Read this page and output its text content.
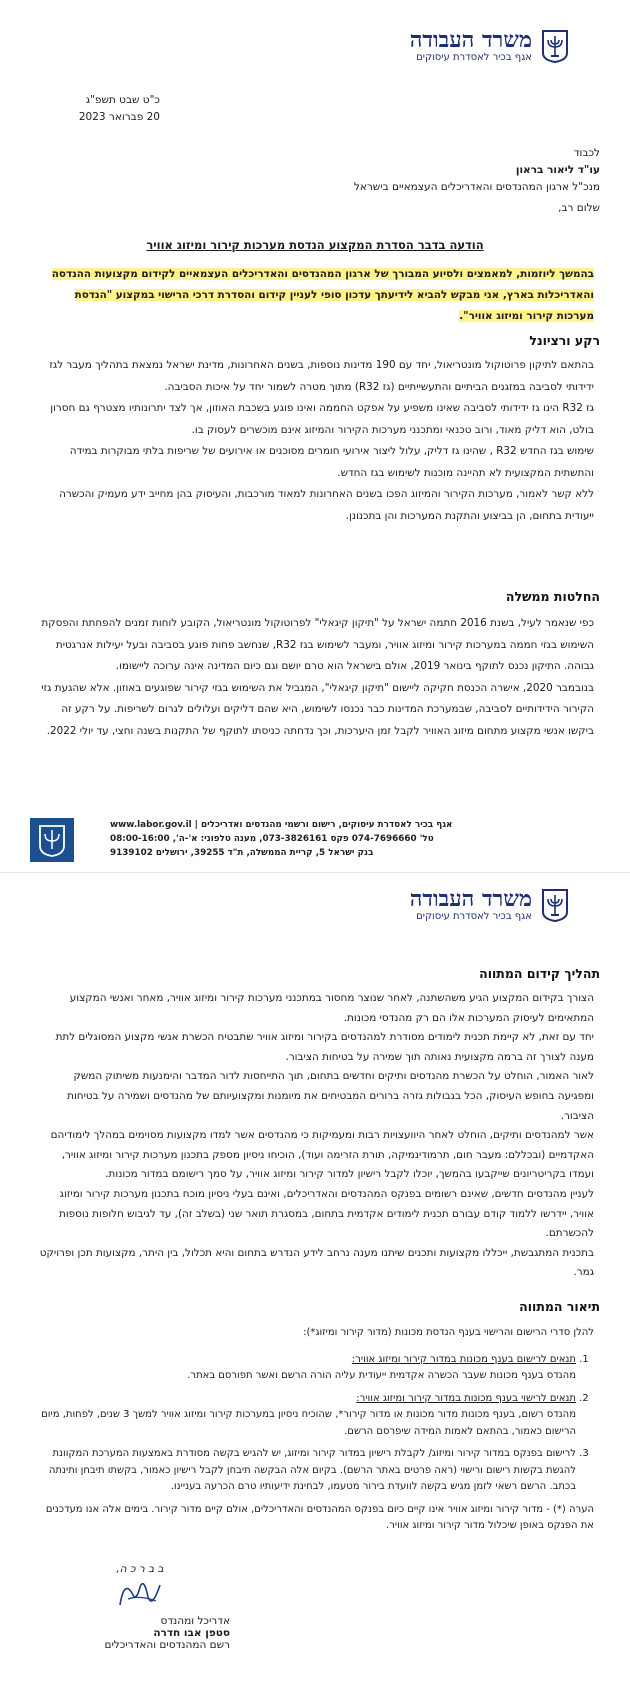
משרד העבודה
אגף בכיר לאסדרת עיסוקים
כ"ט שבט תשפ"ג
20 פברואר 2023
לכבוד
עו"ד ליאור בראון
מנכ"ל ארגון המהנדסים והאדריכלים העצמאיים בישראל
שלום רב,
הודעה בדבר הסדרת המקצוע הנדסת מערכות קירור ומיזוג אוויר
בהמשך ליוזמות, למאמצים ולסיוע המבורך של ארגון המהנדסים והאדריכלים העצמאיים לקידום מקצועות ההנדסה והאדריכלות בארץ, אני מבקש להביא לידיעתך עדכון סופי לעניין קידום והסדרת דרכי הרישוי במקצוע "הנדסת מערכות קירור ומיזוג אוויר".
רקע ורציונל
בהתאם לתיקון פרוטוקול מונטריאול, יחד עם 190 מדינות נוספות, בשנים האחרונות, מדינת ישראל נמצאת בתהליך מעבר לגז ידידותי לסביבה במזגנים הביתיים והתעשייתיים (גז R32) מתוך מטרה לשמור יחד על איכות הסביבה.
גז R32 הינו גז ידידותי לסביבה שאינו משפיע על אפקט החממה ואינו פוגע בשכבת האוזון, אך לצד יתרונותיו מצטרף גם חסרון בולט, הוא דליק מאוד, ורוב טכנאי ומתכנני מערכות הקירור והמיזוג אינם מוכשרים לעסוק בו.
שימוש בגז החדש R32 , שהינו גז דליק, עלול ליצור אירועי חומרים מסוכנים או אירועים של שריפות בלתי מבוקרות במידה והתשתית המקצועית לא תהיינה מוכנות לשימוש בגז החדש.
ללא קשר לאמור, מערכות הקירור והמיזוג הפכו בשנים האחרונות למאוד מורכבות, והעיסוק בהן מחייב ידע מעמיק והכשרה ייעודית בתחום, הן בביצוע והתקנת המערכות והן בתכנונן.
החלטות ממשלה
כפי שנאמר לעיל, בשנת 2016 חתמה ישראל על "תיקון קיגאלי" לפרוטוקול מונטריאול, הקובע לוחות זמנים להפחתת והפסקת השימוש בגזי חממה במערכות קירור ומיזוג אוויר, ומעבר לשימוש בגז R32, שנחשב פחות פוגע בסביבה ובעל יעילות אנרגטית גבוהה. התיקון נכנס לתוקף בינואר 2019, אולם בישראל הוא טרם יושם וגם כיום המדינה אינה ערוכה ליישומו.
בנובמבר 2020, אישרה הכנסת חקיקה ליישום "תיקון קיגאלי", המגביל את השימוש בגזי קירור שפוגעים באוזון. אלא שהגעת גזי הקירור הידידותיים לסביבה, שבמערכת המדינות כבר נכנסו לשימוש, היא שהם דליקים ועלולים לגרום לשריפות. על רקע זה ביקשו אנשי מקצוע מתחום מיזוג האוויר לקבל זמן היערכות, וכך נדחתה כניסתו לתוקף של התקנות בשנה וחצי, עד יולי 2022.
אגף בכיר לאסדרת עיסוקים, רישום ורשמי מהנדסים ואדריכלים | www.labor.gov.il
טל' 074-7696660 פקס 073-3826161, מענה טלפוני: א'-ה', 08:00-16:00
בנק ישראל 5, קריית הממשלה, ת"ד 39255, ירושלים 9139102
משרד העבודה
אגף בכיר לאסדרת עיסוקים
תהליך קידום המתווה
הצורך בקידום המקצוע הגיע משהשתנה, לאחר שנוצר מחסור במתכנני מערכות קירור ומיזוג אוויר, מאחר ואנשי המקצוע המתאימים לעיסוק המערכות אלו הם רק מהנדסי מכונות.
יחד עם זאת, לא קיימת תכנית לימודים מסודרת למהנדסים בקירור ומיזוג אוויר שתבטיח הכשרת אנשי מקצוע המסוגלים לתת מענה לצורך זה ברמה מקצועית נאותה תוך שמירה על בטיחות הציבור.
לאור האמור, הוחלט על הכשרת מהנדסים ותיקים וחדשים בתחום, תוך התייחסות לדור המדבר והימנעות משיתוק המשק ומפגיעה בחופש העיסוק, הכל בגבולות גזרה ברורים המבטיחים את מיומנות ומקצועיותם של מהנדסים ושמירה על בטיחות הציבור.
אשר למהנדסים ותיקים, הוחלט לאחר היוועצויות רבות ומעמיקות כי מהנדסים אשר למדו מקצועות מסוימים במהלך לימודיהם האקדמיים (ובכללם: מעבר חום, תרמודינמיקה, תורת הזרימה ועוד), הוכיחו ניסיון מספק בתכנון מערכות קירור ומיזוג אוויר, ועמדו בקריטריונים שייקבעו בהמשך, יוכלו לקבל רישיון למדור קירור ומיזוג אוויר, על סמך רישומם במדור מכונות.
לעניין מהנדסים חדשים, שאינם רשומים בפנקס המהנדסים והאדריכלים, ואינם בעלי ניסיון מוכח בתכנון מערכות קירור ומיזוג אוויר, יידרשו ללמוד קודם עבורם תכנית לימודים אקדמית בתחום, במסגרת תואר שני (בשלב זה), עד לגיבוש חלופות נוספות להכשרתם.
בתכנית המתגבשת, ייכללו מקצועות ותכנים שיתנו מענה נרחב לידע הנדרש בתחום והיא תכלול, בין היתר, מקצועות תכן ופרויקט גמר.
תיאור המתווה
להלן סדרי הרישום והרישוי בענף הנדסת מכונות (מדור קירור ומיזוג*):
1. תנאים לרישום בענף מכונות במדור קירור ומיזוג אוויר:
מהנדס בענף מכונות שעבר הכשרה אקדמית ייעודית עליה הורה הרשם ואשר תפורסם באתר.
2. תנאים לרישוי בענף מכונות במדור קירור ומיזוג אוויר:
מהנדס רשום, בענף מכונות מדור מכונות או מדור קירור*, שהוכיח ניסיון במערכות קירור ומיזוג אוויר למשך 3 שנים, לפחות, מיום הרישום כאמור, בהתאם לאמות המידה שיפרסם הרשם.
3. לרישום בפנקס במדור קירור ומיזוג/ לקבלת רישיון במדור קירור ומיזוג, יש להגיש בקשה מסודרת באמצעות המערכת המקוונת להגשת בקשות רישום ורישוי (ראה פרטים באתר הרשם). בקיום אלה הבקשה תיבחן לקבל רישיון כאמור, בקשתו תיבחן ותינתה בכתב. הרשם רשאי לזמן מגיש בקשה לוועדת בירור מטעמו, לבחינת ידיעותיו טרם הכרעה בעניינו.
הערה (*) - מדור קירור ומיזוג אוויר אינו קיים כיום בפנקס המהנדסים והאדריכלים, אולם קיים מדור קירור. בימים אלה אנו מעדכנים את הפנקס באופן שיכלול מדור קירור ומיזוג אוויר.
ב ב ר כ ה,
אדריכל ומהנדס
סטפן אבו חדרה
רשם המהנדסים והאדריכלים
